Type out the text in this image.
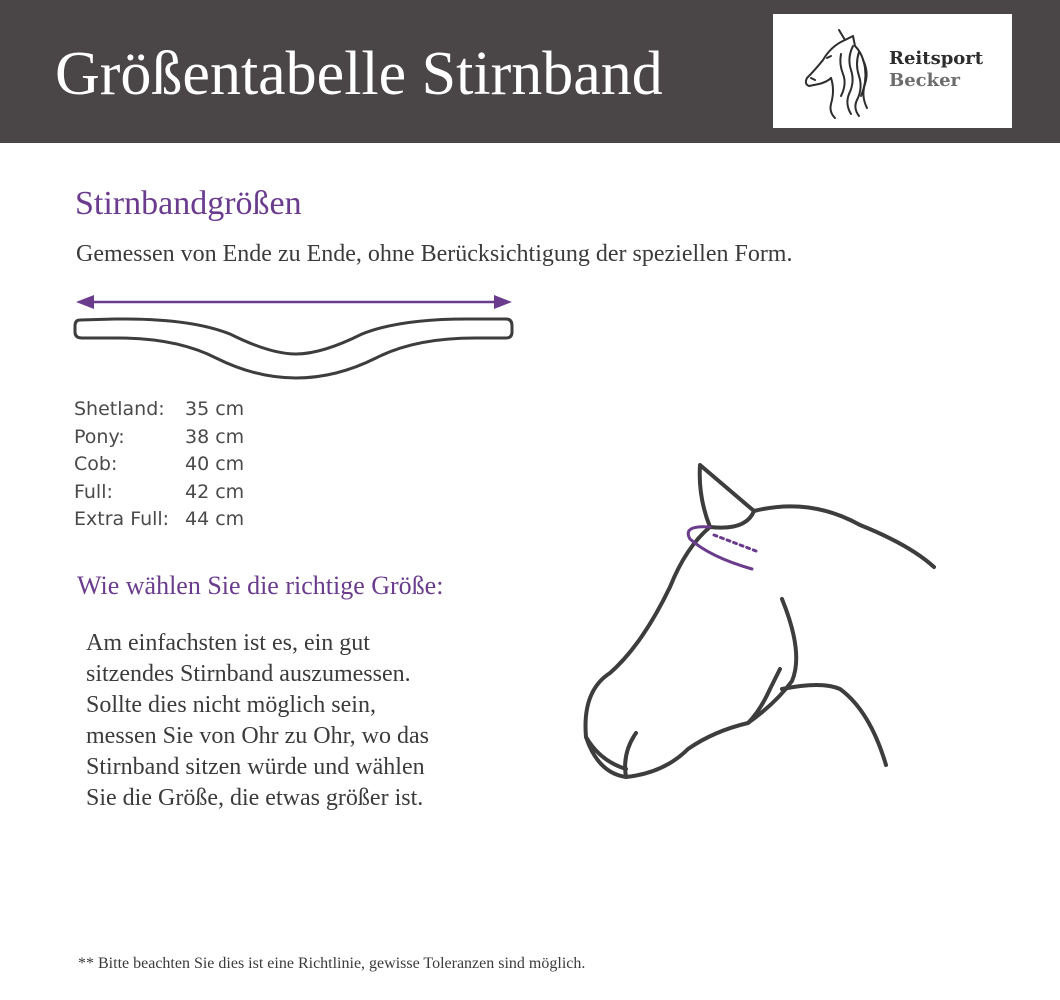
Größentabelle Stirnband	Reitsport
Becker
Stirnbandgrößen
Gemessen von Ende zu Ende, ohne Berücksichtigung der speziellen Form.
Shetland: 35 cm
Pony:	38 cm
Cob:	40 cm
Full:	42 cm
Extra Full: 44 cm
Wie wählen Sie die richtige Größe:
Am einfachsten ist es, ein gut
sitzendes Stirnband auszumessen.
Sollte dies nicht möglich sein,
messen Sie von Ohr zu Ohr, wo das
Stirnband sitzen würde und wählen
Sie die Größe, die etwas größer ist.
** Bitte beachten Sie dies ist eine Richtlinie, gewisse Toleranzen sind möglich.
